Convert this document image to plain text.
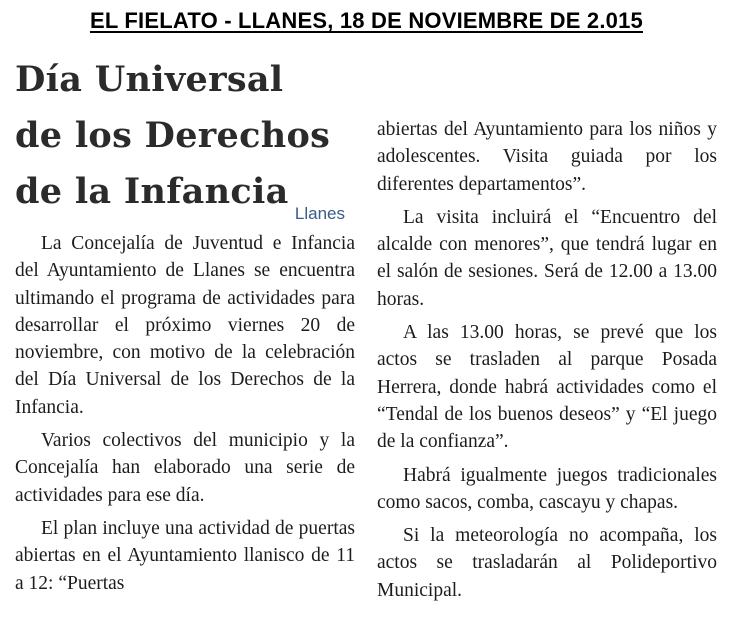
EL FIELATO - LLANES, 18 DE NOVIEMBRE DE 2.015
Día Universal
de los Derechos
de la Infancia
Llanes

La Concejalía de Juventud e Infancia del Ayuntamiento de Llanes se encuentra ultimando el programa de actividades para desarrollar el próximo viernes 20 de noviembre, con motivo de la celebración del Día Universal de los Derechos de la Infancia.

Varios colectivos del municipio y la Concejalía han elaborado una serie de actividades para ese día.

El plan incluye una actividad de puertas abiertas en el Ayuntamiento llanisco de 11 a 12: “Puertas

abiertas del Ayuntamiento para los niños y adolescentes. Visita guiada por los diferentes departamentos”.

La visita incluirá el “Encuentro del alcalde con menores”, que tendrá lugar en el salón de sesiones. Será de 12.00 a 13.00 horas.

A las 13.00 horas, se prevé que los actos se trasladen al parque Posada Herrera, donde habrá actividades como el “Tendal de los buenos deseos” y “El juego de la confianza”.

Habrá igualmente juegos tradicionales como sacos, comba, cascayu y chapas.

Si la meteorología no acompaña, los actos se trasladarán al Polideportivo Municipal.
